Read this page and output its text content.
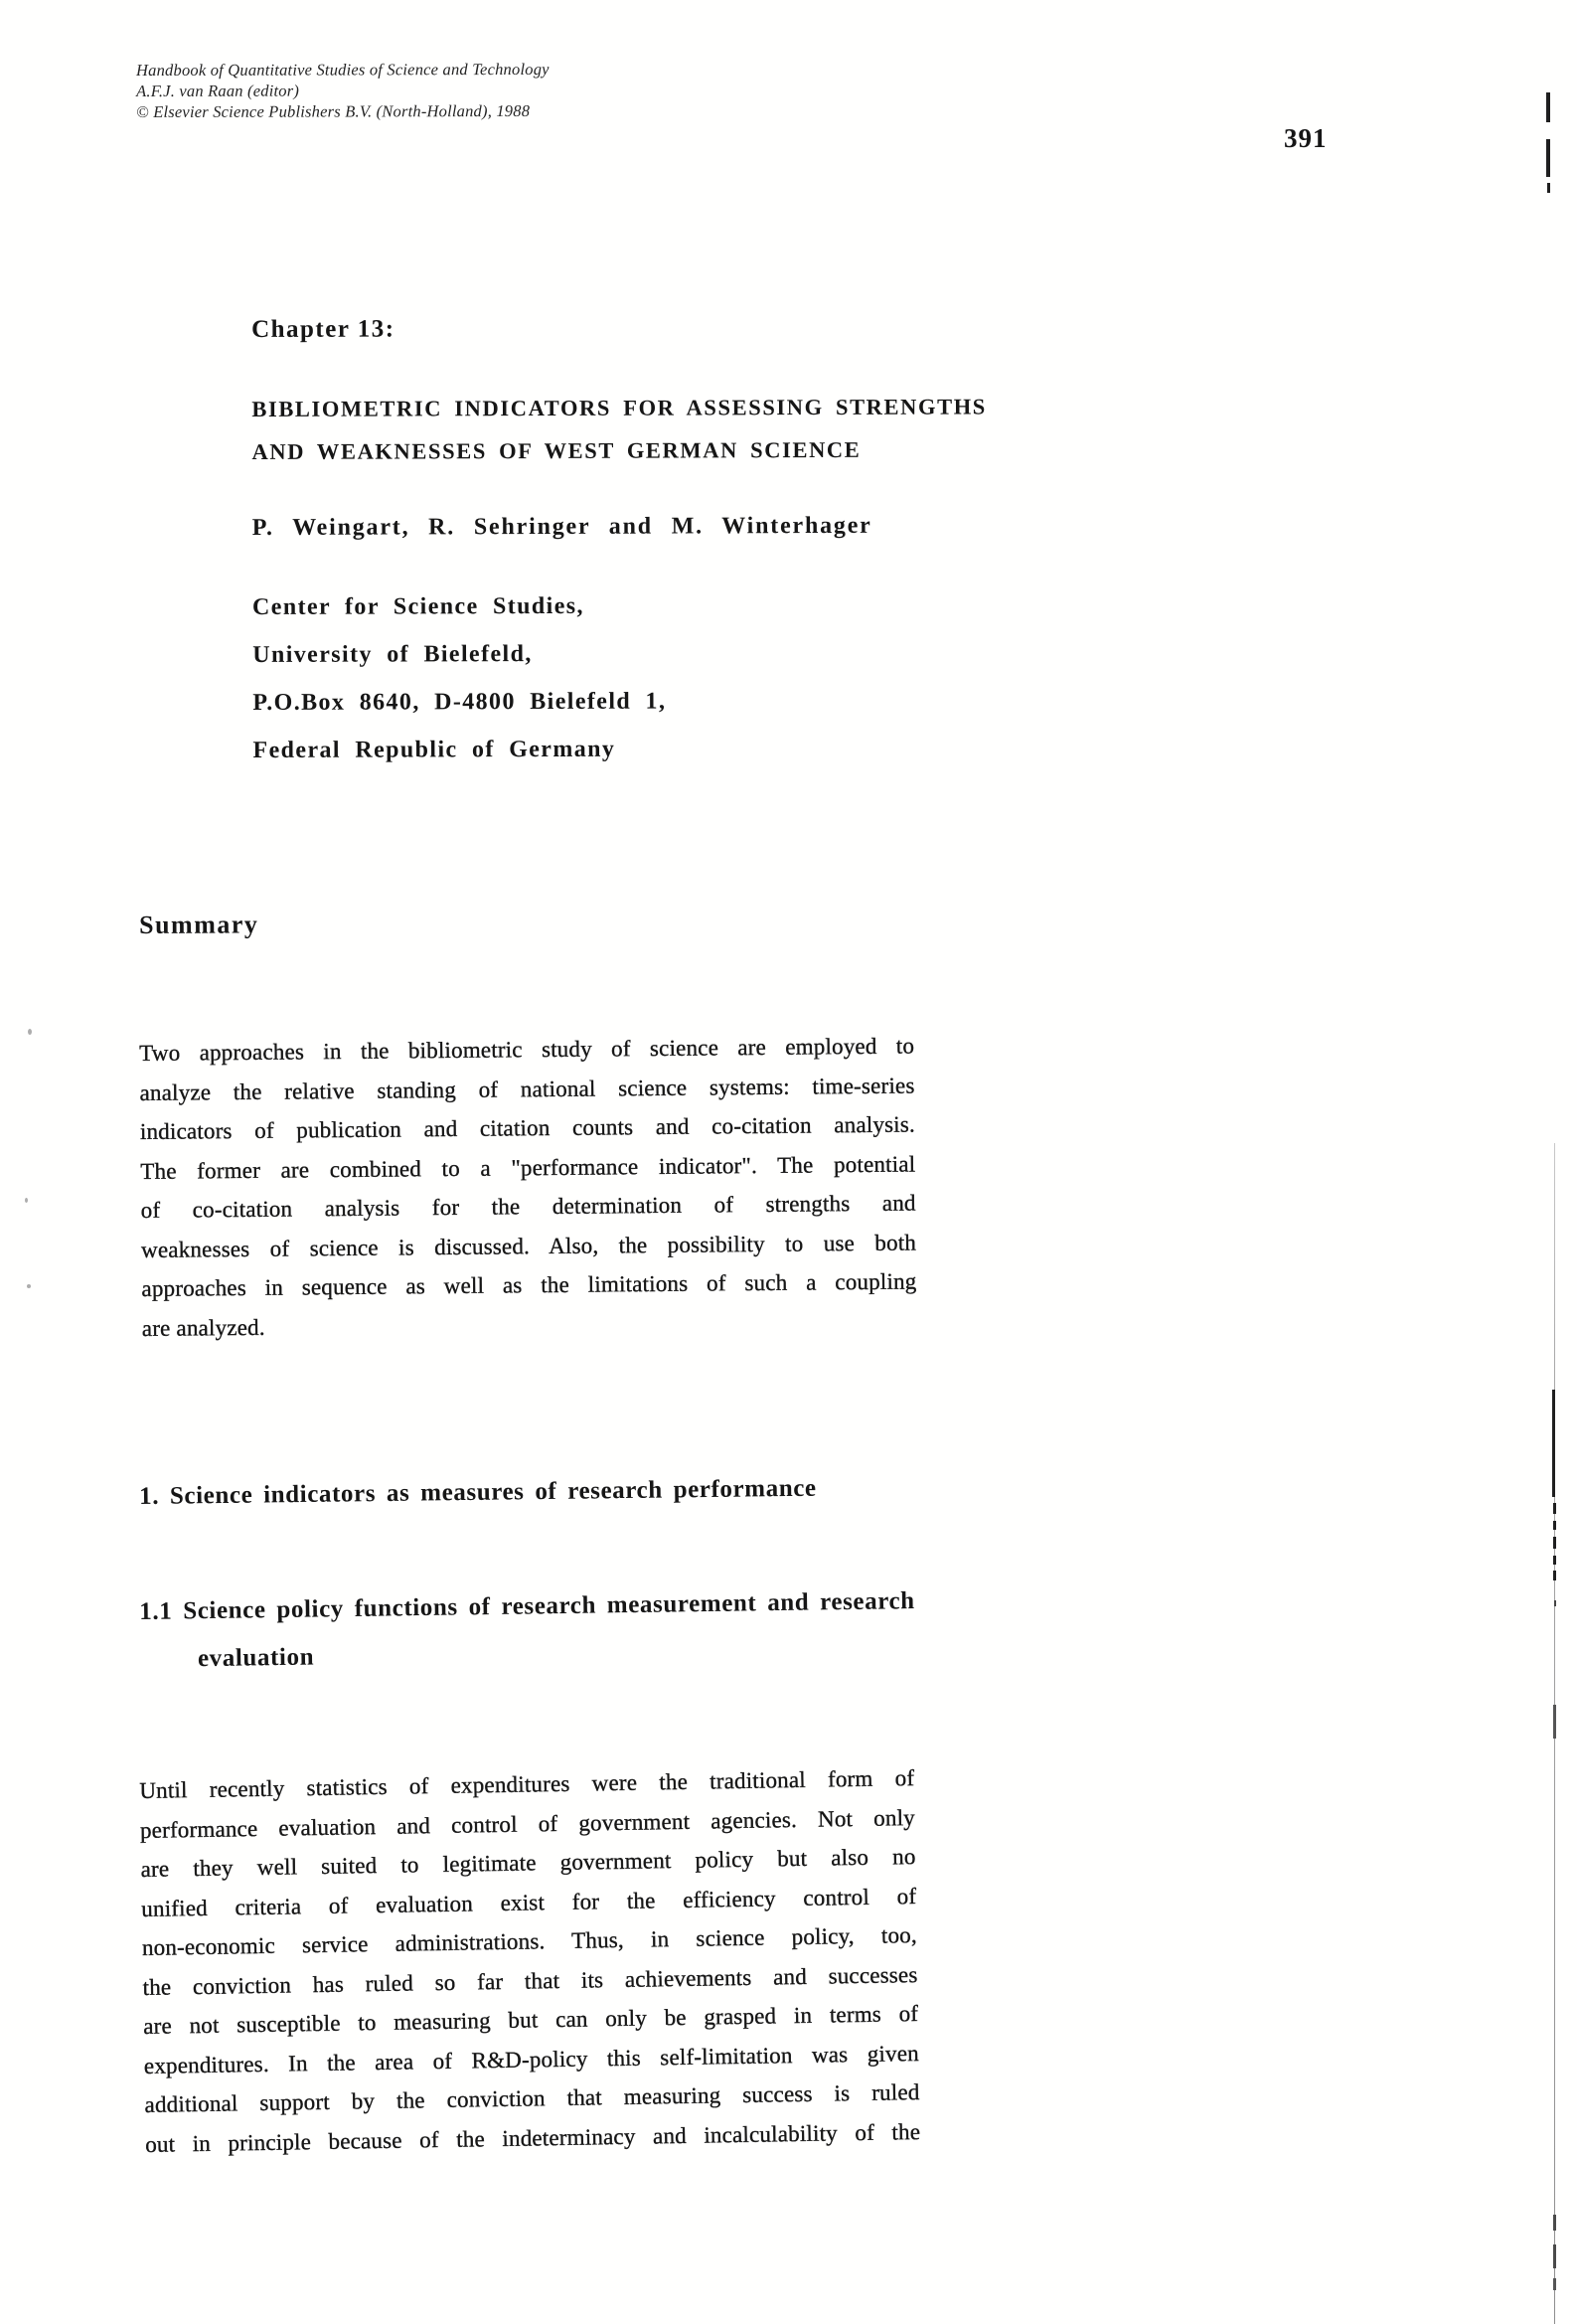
Handbook of Quantitative Studies of Science and Technology
A.F.J. van Raan (editor)
© Elsevier Science Publishers B.V. (North-Holland), 1988
391
Chapter 13:
BIBLIOMETRIC INDICATORS FOR ASSESSING STRENGTHS
AND WEAKNESSES OF WEST GERMAN SCIENCE
P. Weingart, R. Sehringer and M. Winterhager
Center for Science Studies,
University of Bielefeld,
P.O.Box 8640, D-4800 Bielefeld 1,
Federal Republic of Germany
Summary
Two approaches in the bibliometric study of science are employed to
analyze the relative standing of national science systems: time-series
indicators of publication and citation counts and co-citation analysis.
The former are combined to a "performance indicator". The potential
of co-citation analysis for the determination of strengths and
weaknesses of science is discussed. Also, the possibility to use both
approaches in sequence as well as the limitations of such a coupling
are analyzed.
1. Science indicators as measures of research performance
1.1 Science policy functions of research measurement and research
evaluation
Until recently statistics of expenditures were the traditional form of
performance evaluation and control of government agencies. Not only
are they well suited to legitimate government policy but also no
unified criteria of evaluation exist for the efficiency control of
non-economic service administrations. Thus, in science policy, too,
the conviction has ruled so far that its achievements and successes
are not susceptible to measuring but can only be grasped in terms of
expenditures. In the area of R&D-policy this self-limitation was given
additional support by the conviction that measuring success is ruled
out in principle because of the indeterminacy and incalculability of the
